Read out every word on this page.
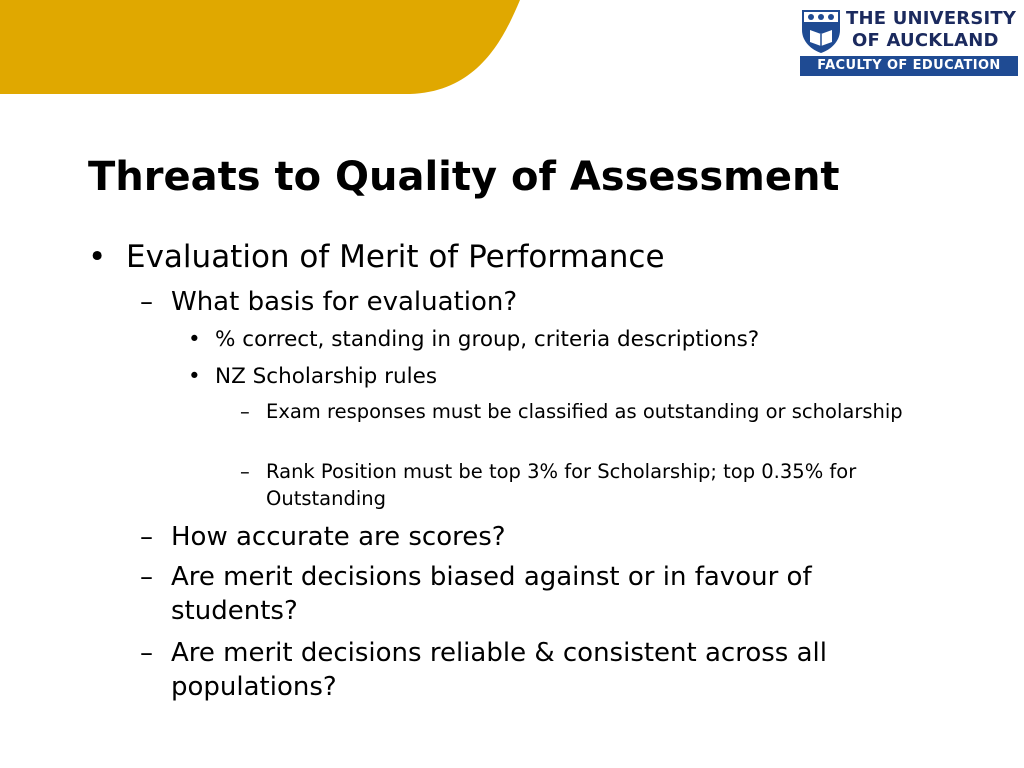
THE UNIVERSITY
OF AUCKLAND
FACULTY OF EDUCATION
Threats to Quality of Assessment
• Evaluation of Merit of Performance
– What basis for evaluation?
• % correct, standing in group, criteria descriptions?
• NZ Scholarship rules
– Exam responses must be classified as outstanding or scholarship
– Rank Position must be top 3% for Scholarship; top 0.35% for Outstanding
– How accurate are scores?
– Are merit decisions biased against or in favour of students?
– Are merit decisions reliable & consistent across all populations?
